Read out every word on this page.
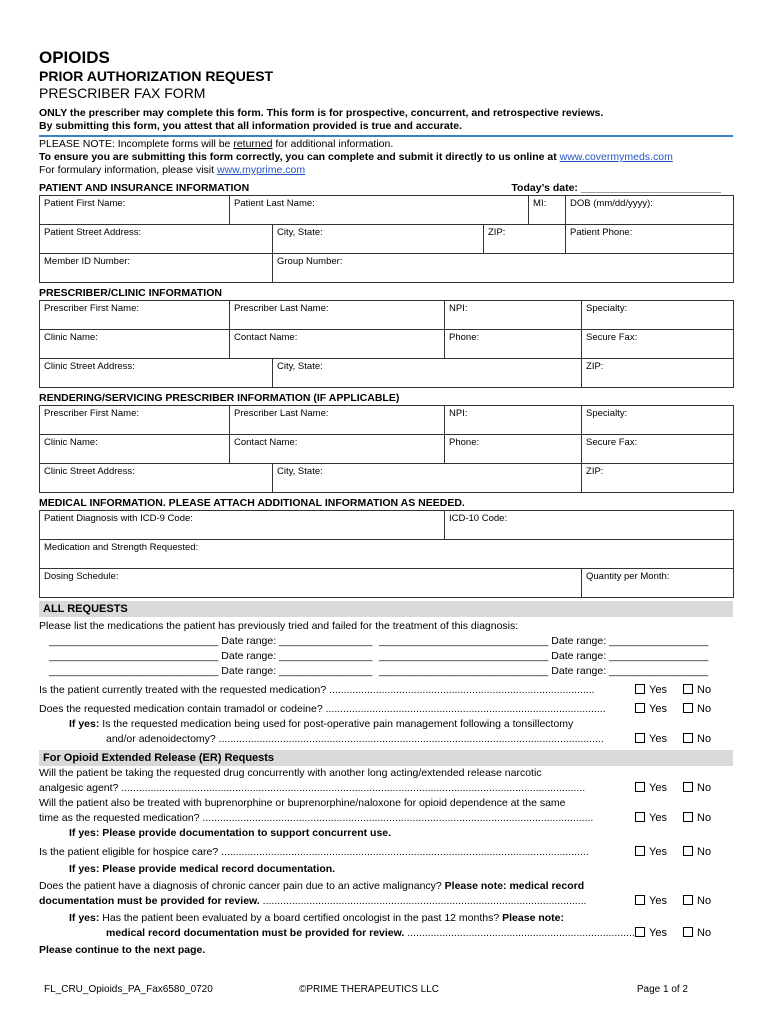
OPIOIDS
PRIOR AUTHORIZATION REQUEST
PRESCRIBER FAX FORM
ONLY the prescriber may complete this form. This form is for prospective, concurrent, and retrospective reviews.
By submitting this form, you attest that all information provided is true and accurate.
PLEASE NOTE: Incomplete forms will be returned for additional information.
To ensure you are submitting this form correctly, you can complete and submit it directly to us online at www.covermymeds.com
For formulary information, please visit www.myprime.com
PATIENT AND INSURANCE INFORMATION	Today’s date: ________________________
Patient First Name:	Patient Last Name:			MI:	DOB (mm/dd/yyyy):
Patient Street Address:		City, State:	ZIP:		Patient Phone:
Member ID Number:		Group Number:			
PRESCRIBER/CLINIC INFORMATION
Prescriber First Name:	Prescriber Last Name:		NPI:	Specialty:
Clinic Name:	Contact Name:		Phone:	Secure Fax:
Clinic Street Address:		City, State:		ZIP:
RENDERING/SERVICING PRESCRIBER INFORMATION (IF APPLICABLE)
Prescriber First Name:	Prescriber Last Name:		NPI:	Specialty:
Clinic Name:	Contact Name:		Phone:	Secure Fax:
Clinic Street Address:		City, State:		ZIP:
MEDICAL INFORMATION. PLEASE ATTACH ADDITIONAL INFORMATION AS NEEDED.
Patient Diagnosis with ICD-9 Code:	ICD-10 Code:	
Medication and Strength Requested:		
Dosing Schedule:		Quantity per Month:
ALL REQUESTS
Please list the medications the patient has previously tried and failed for the treatment of this diagnosis:
_____________________________ Date range: ________________ _____________________________ Date range: _________________
_____________________________ Date range: ________________ _____________________________ Date range: _________________
_____________________________ Date range: ________________ _____________________________ Date range: _________________
Is the patient currently treated with the requested medication? ...........................................................................................	Yes	No
Does the requested medication contain tramadol or codeine? ................................................................................................	Yes	No
If yes: Is the requested medication being used for post-operative pain management following a tonsillectomy
and/or adenoidectomy? ....................................................................................................................................	Yes	No
For Opioid Extended Release (ER) Requests
Will the patient be taking the requested drug concurrently with another long acting/extended release narcotic
analgesic agent? ...............................................................................................................................................................	Yes	No
Will the patient also be treated with buprenorphine or buprenorphine/naloxone for opioid dependence at the same
time as the requested medication? ......................................................................................................................................	Yes	No
If yes: Please provide documentation to support concurrent use.
Is the patient eligible for hospice care? ..............................................................................................................................	Yes	No
If yes: Please provide medical record documentation.
Does the patient have a diagnosis of chronic cancer pain due to an active malignancy? Please note: medical record
documentation must be provided for review. ...............................................................................................................	Yes	No
If yes: Has the patient been evaluated by a board certified oncologist in the past 12 months? Please note:
medical record documentation must be provided for review. ..............................................................................	Yes	No
Please continue to the next page.
FL_CRU_Opioids_PA_Fax6580_0720	©PRIME THERAPEUTICS LLC	Page 1 of 2
